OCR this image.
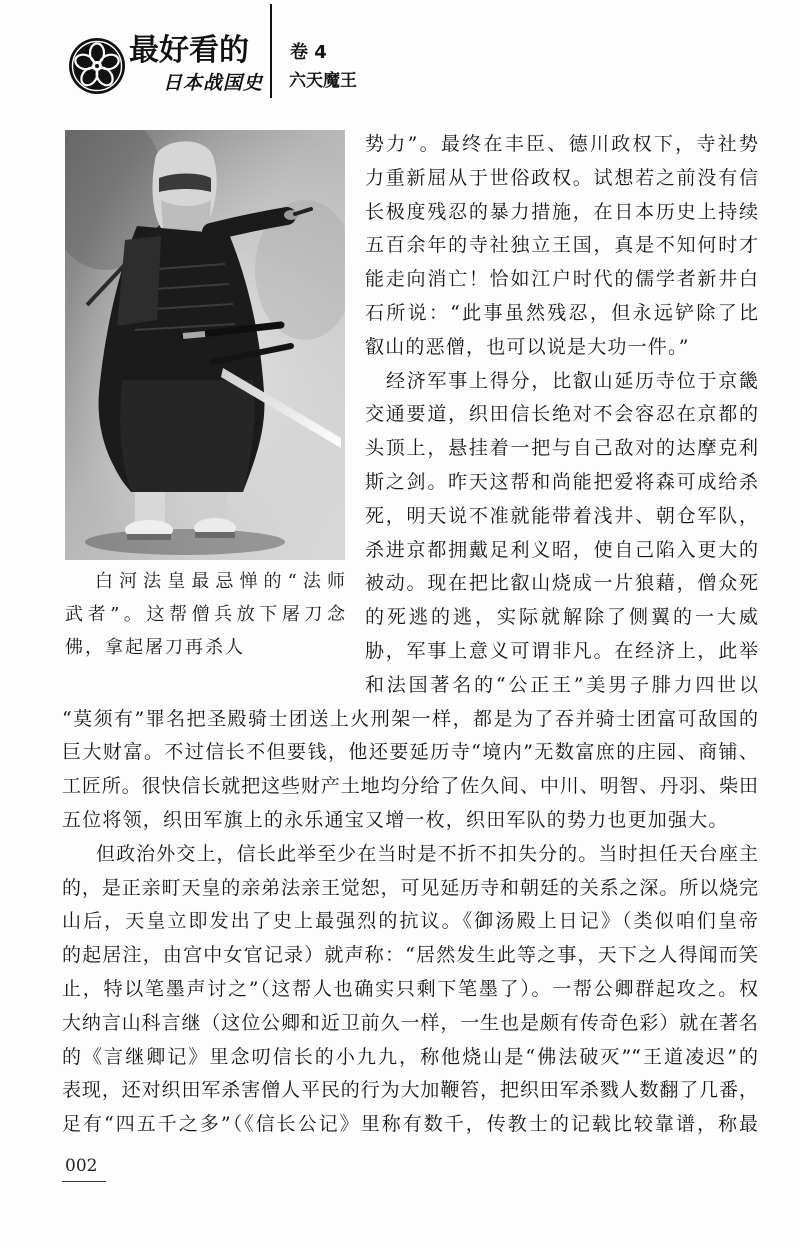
最好看的
日本战国史
卷 4
六天魔王
白河法皇最忌惮的“法师
武者”。这帮僧兵放下屠刀念
佛，拿起屠刀再杀人
势力”。最终在丰臣、德川政权下，寺社势
力重新屈从于世俗政权。试想若之前没有信
长极度残忍的暴力措施，在日本历史上持续
五百余年的寺社独立王国，真是不知何时才
能走向消亡！恰如江户时代的儒学者新井白
石所说：“此事虽然残忍，但永远铲除了比
叡山的恶僧，也可以说是大功一件。”
经济军事上得分，比叡山延历寺位于京畿
交通要道，织田信长绝对不会容忍在京都的
头顶上，悬挂着一把与自己敌对的达摩克利
斯之剑。昨天这帮和尚能把爱将森可成给杀
死，明天说不准就能带着浅井、朝仓军队，
杀进京都拥戴足利义昭，使自己陷入更大的
被动。现在把比叡山烧成一片狼藉，僧众死
的死逃的逃，实际就解除了侧翼的一大威
胁，军事上意义可谓非凡。在经济上，此举
和法国著名的“公正王”美男子腓力四世以
“莫须有”罪名把圣殿骑士团送上火刑架一样，都是为了吞并骑士团富可敌国的
巨大财富。不过信长不但要钱，他还要延历寺“境内”无数富庶的庄园、商铺、
工匠所。很快信长就把这些财产土地均分给了佐久间、中川、明智、丹羽、柴田
五位将领，织田军旗上的永乐通宝又增一枚，织田军队的势力也更加强大。
但政治外交上，信长此举至少在当时是不折不扣失分的。当时担任天台座主
的，是正亲町天皇的亲弟法亲王觉恕，可见延历寺和朝廷的关系之深。所以烧完
山后，天皇立即发出了史上最强烈的抗议。《御汤殿上日记》（类似咱们皇帝
的起居注，由宫中女官记录）就声称：“居然发生此等之事，天下之人得闻而笑
止，特以笔墨声讨之”（这帮人也确实只剩下笔墨了）。一帮公卿群起攻之。权
大纳言山科言继（这位公卿和近卫前久一样，一生也是颇有传奇色彩）就在著名
的《言继卿记》里念叨信长的小九九，称他烧山是“佛法破灭”“王道凌迟”的
表现，还对织田军杀害僧人平民的行为大加鞭笞，把织田军杀戮人数翻了几番，
足有“四五千之多”（《信长公记》里称有数千，传教士的记载比较靠谱，称最
002
